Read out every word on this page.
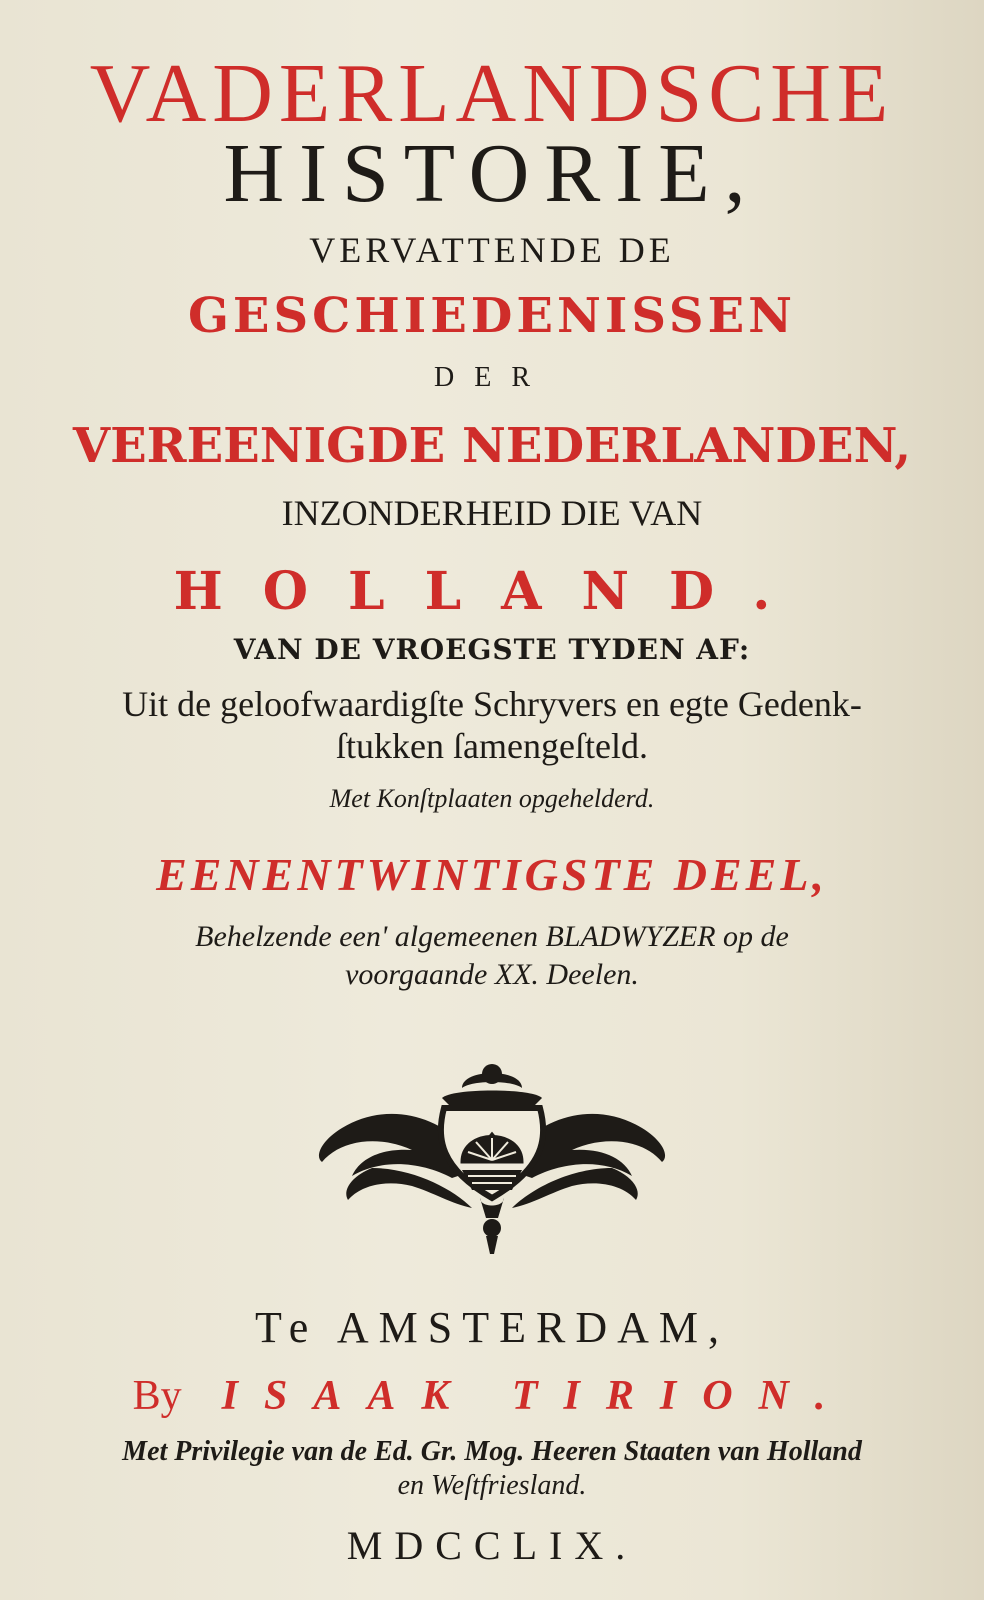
VADERLANDSCHE
HISTORIE,
VERVATTENDE DE
GESCHIEDENISSEN
DER
VEREENIGDE NEDERLANDEN,
INZONDERHEID DIE VAN
HOLLAND.
VAN DE VROEGSTE TYDEN AF:
Uit de geloofwaardigſte Schryvers en egte Gedenk-
ſtukken ſamengeſteld.
Met Konſtplaaten opgehelderd.
EENENTWINTIGSTE DEEL,
Behelzende een' algemeenen BLADWYZER op de
voorgaande XX. Deelen.
Te AMSTERDAM,
By ISAAK TIRION.
Met Privilegie van de Ed. Gr. Mog. Heeren Staaten van Holland
en Weſtfriesland.
MDCCLIX.
